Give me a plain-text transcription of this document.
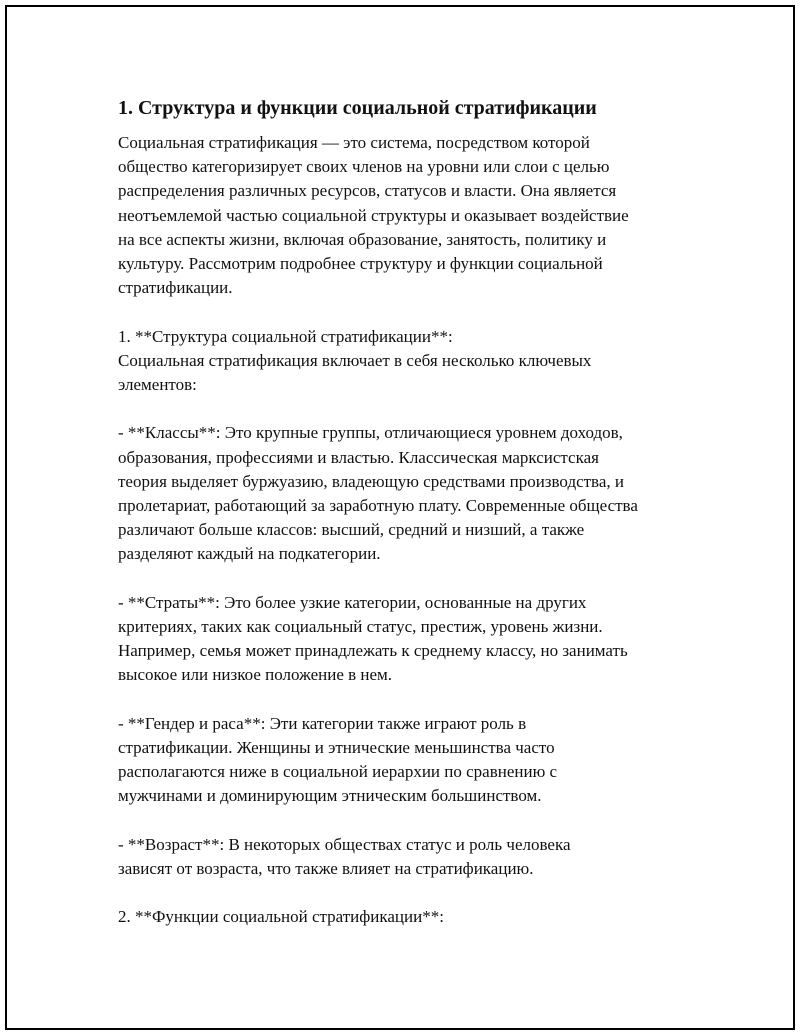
1. Структура и функции социальной стратификации

Социальная стратификация — это система, посредством которой
общество категоризирует своих членов на уровни или слои с целью
распределения различных ресурсов, статусов и власти. Она является
неотъемлемой частью социальной структуры и оказывает воздействие
на все аспекты жизни, включая образование, занятость, политику и
культуру. Рассмотрим подробнее структуру и функции социальной
стратификации.

1. **Структура социальной стратификации**:

Социальная стратификация включает в себя несколько ключевых
элементов:

- **Классы**: Это крупные группы, отличающиеся уровнем доходов,
образования, профессиями и властью. Классическая марксистская
теория выделяет буржуазию, владеющую средствами производства, и
пролетариат, работающий за заработную плату. Современные общества
различают больше классов: высший, средний и низший, а также
разделяют каждый на подкатегории.

- **Страты**: Это более узкие категории, основанные на других
критериях, таких как социальный статус, престиж, уровень жизни.
Например, семья может принадлежать к среднему классу, но занимать
высокое или низкое положение в нем.

- **Гендер и раса**: Эти категории также играют роль в
стратификации. Женщины и этнические меньшинства часто
располагаются ниже в социальной иерархии по сравнению с
мужчинами и доминирующим этническим большинством.

- **Возраст**: В некоторых обществах статус и роль человека
зависят от возраста, что также влияет на стратификацию.

2. **Функции социальной стратификации**:
